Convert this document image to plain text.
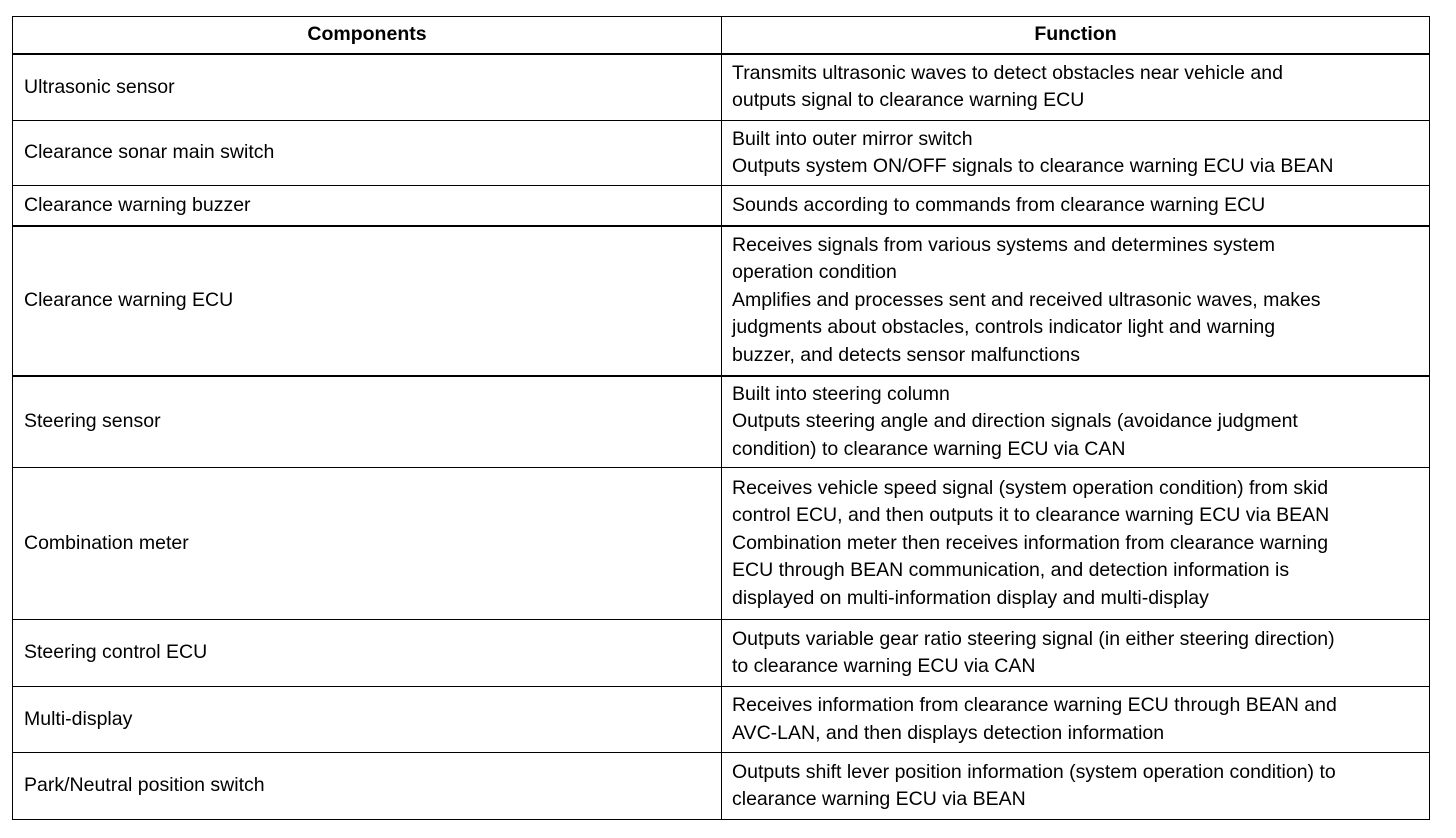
Components	Function
Ultrasonic sensor	Transmits ultrasonic waves to detect obstacles near vehicle and
outputs signal to clearance warning ECU

Clearance sonar main switch	Built into outer mirror switch
Outputs system ON/OFF signals to clearance warning ECU via BEAN

Clearance warning buzzer	Sounds according to commands from clearance warning ECU

Clearance warning ECU	Receives signals from various systems and determines system
operation condition
Amplifies and processes sent and received ultrasonic waves, makes
judgments about obstacles, controls indicator light and warning
buzzer, and detects sensor malfunctions

Steering sensor	Built into steering column
Outputs steering angle and direction signals (avoidance judgment
condition) to clearance warning ECU via CAN

Combination meter	Receives vehicle speed signal (system operation condition) from skid
control ECU, and then outputs it to clearance warning ECU via BEAN
Combination meter then receives information from clearance warning
ECU through BEAN communication, and detection information is
displayed on multi-information display and multi-display

Steering control ECU	Outputs variable gear ratio steering signal (in either steering direction)
to clearance warning ECU via CAN

Multi-display	Receives information from clearance warning ECU through BEAN and
AVC-LAN, and then displays detection information

Park/Neutral position switch	Outputs shift lever position information (system operation condition) to
clearance warning ECU via BEAN
